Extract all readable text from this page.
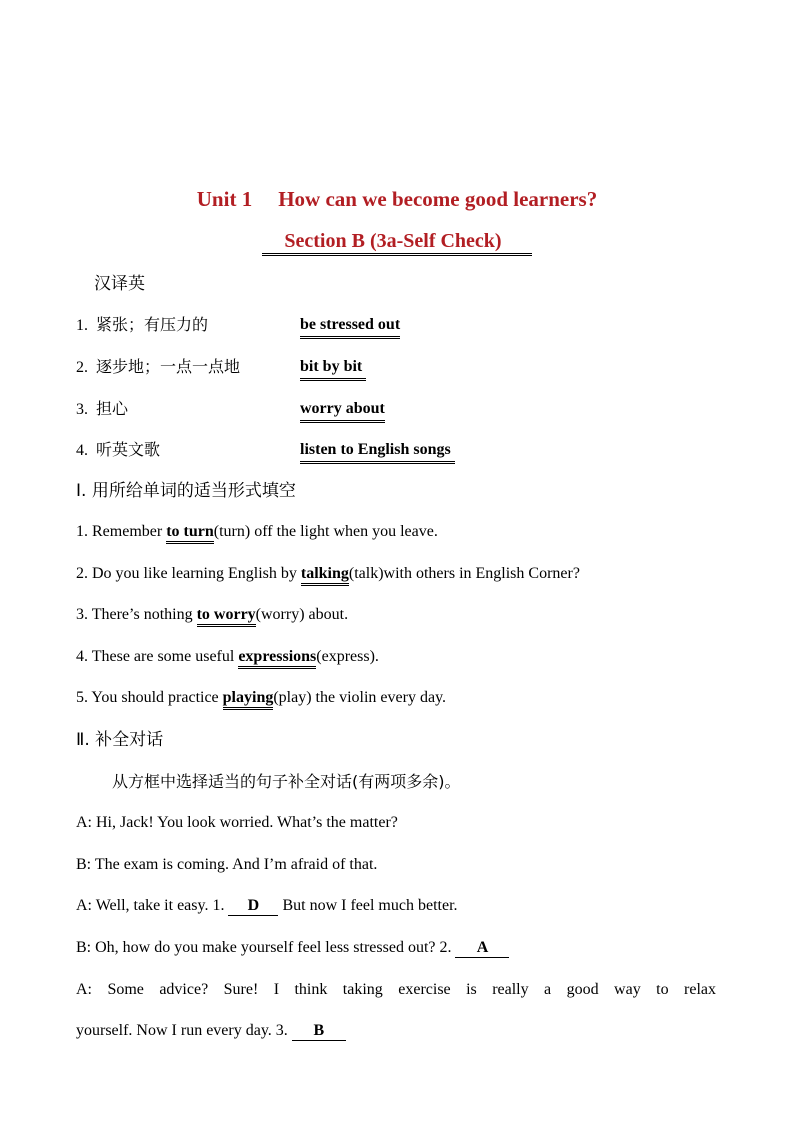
Unit 1 How can we become good learners?
Section B (3a-Self Check)
汉译英
1. 紧张；有压力的	be stressed out
2. 逐步地；一点一点地	bit by bit
3. 担心	worry about
4. 听英文歌	listen to English songs
Ⅰ. 用所给单词的适当形式填空
1. Remember to turn(turn) off the light when you leave.
2. Do you like learning English by talking(talk)with others in English Corner?
3. There’s nothing to worry(worry) about.
4. These are some useful expressions(express).
5. You should practice playing(play) the violin every day.
Ⅱ. 补全对话
从方框中选择适当的句子补全对话(有两项多余)。
A: Hi, Jack! You look worried. What’s the matter?
B: The exam is coming. And I’m afraid of that.
A: Well, take it easy. 1. D But now I feel much better.
B: Oh, how do you make yourself feel less stressed out? 2. A
A: Some advice? Sure! I think taking exercise is really a good way to relax
yourself. Now I run every day. 3. B
